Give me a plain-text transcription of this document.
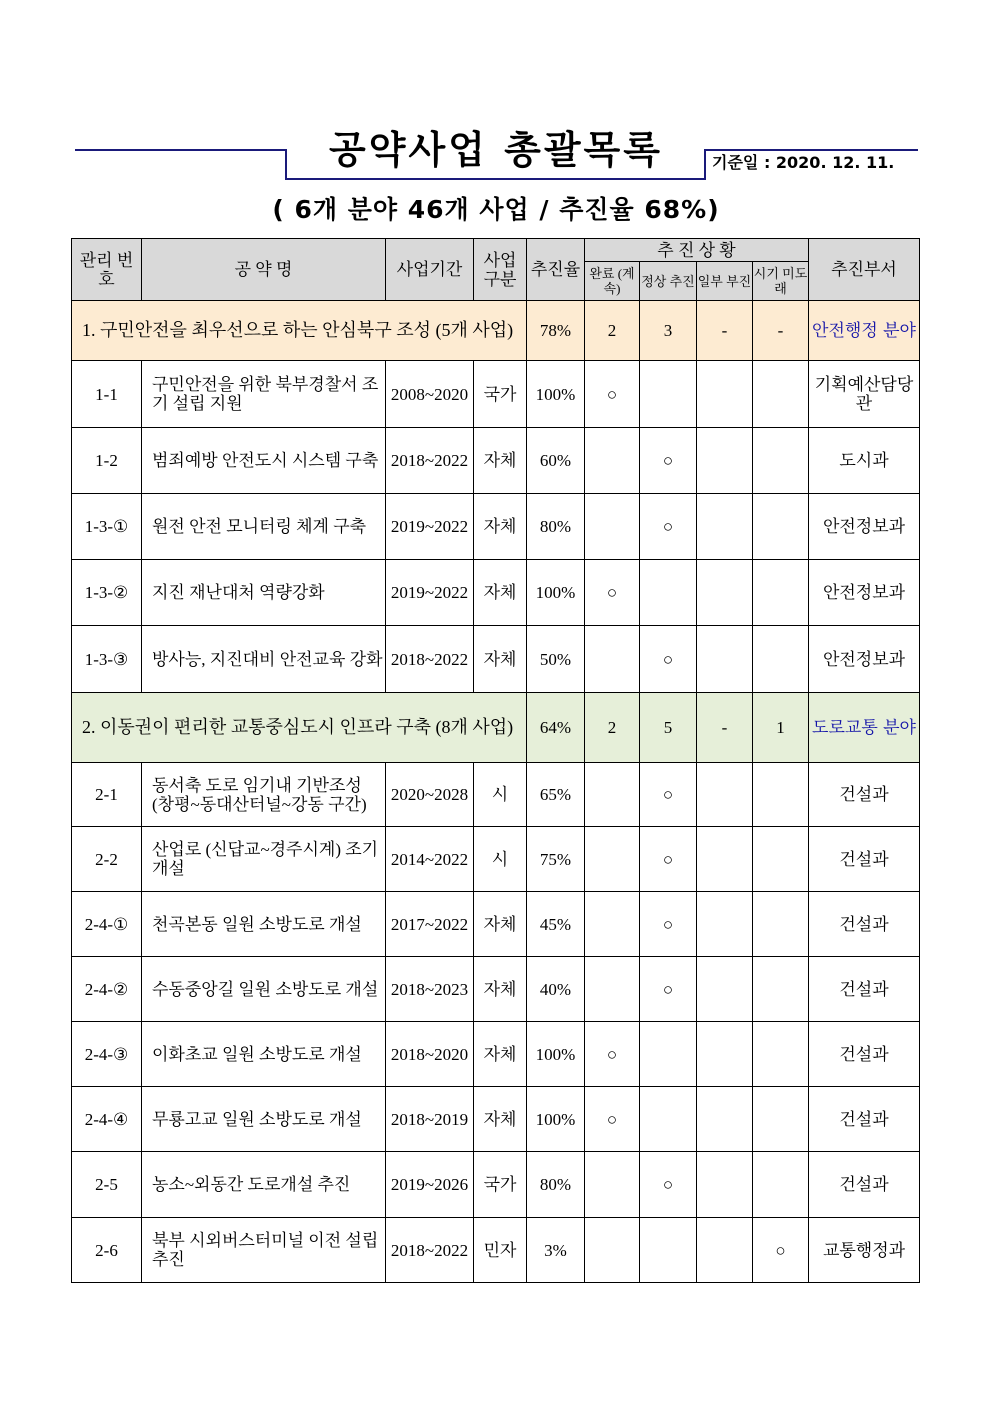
공약사업 총괄목록	기준일 : 2020. 12. 11.
( 6개 분야 46개 사업 / 추진율 68%)
관리 번호	공 약 명	사업기간	사업 구분	추진율	추 진 상 황				추진부서
					완료 (계속)	정상 추진	일부 부진	시기 미도래	
1. 구민안전을 최우선으로 하는 안심북구 조성 (5개 사업)				78%	2	3	-	-	안전행정 분야
1-1	구민안전을 위한 북부경찰서 조기 설립 지원	2008~2020	국가	100%	○				기획예산담당관
1-2	범죄예방 안전도시 시스템 구축	2018~2022	자체	60%		○			도시과
1-3-①	원전 안전 모니터링 체계 구축	2019~2022	자체	80%		○			안전정보과
1-3-②	지진 재난대처 역량강화	2019~2022	자체	100%	○				안전정보과
1-3-③	방사능, 지진대비 안전교육 강화	2018~2022	자체	50%		○			안전정보과
2. 이동권이 편리한 교통중심도시 인프라 구축 (8개 사업)				64%	2	5	-	1	도로교통 분야
2-1	동서축 도로 임기내 기반조성 (창평~동대산터널~강동 구간)	2020~2028	시	65%		○			건설과
2-2	산업로 (신답교~경주시계) 조기 개설	2014~2022	시	75%		○			건설과
2-4-①	천곡본동 일원 소방도로 개설	2017~2022	자체	45%		○			건설과
2-4-②	수동중앙길 일원 소방도로 개설	2018~2023	자체	40%		○			건설과
2-4-③	이화초교 일원 소방도로 개설	2018~2020	자체	100%	○				건설과
2-4-④	무룡고교 일원 소방도로 개설	2018~2019	자체	100%	○				건설과
2-5	농소~외동간 도로개설 추진	2019~2026	국가	80%		○			건설과
2-6	북부 시외버스터미널 이전 설립 추진	2018~2022	민자	3%				○	교통행정과
